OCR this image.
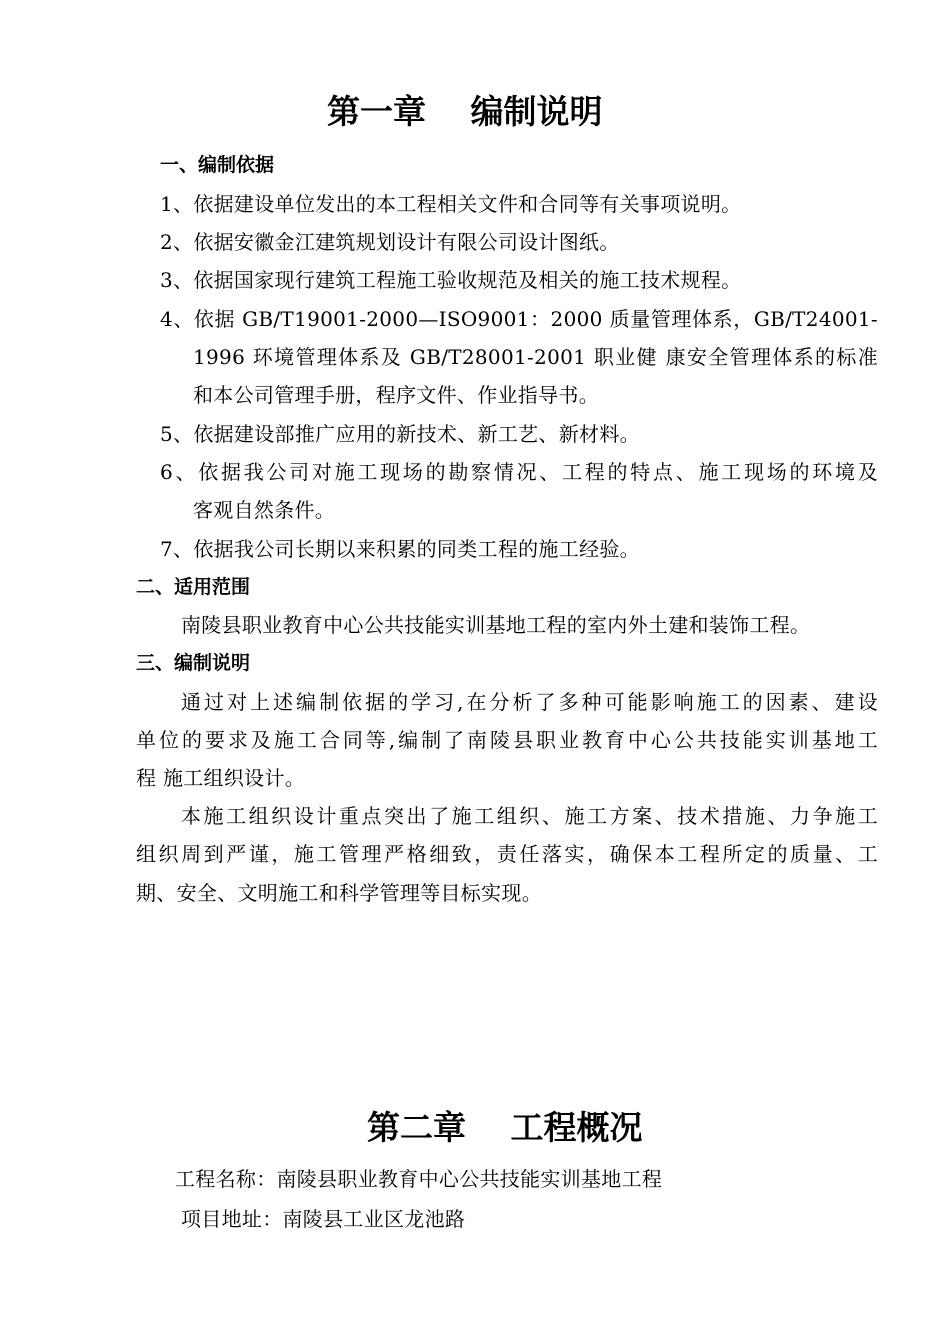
第一章　 编制说明
一、编制依据
1、依据建设单位发出的本工程相关文件和合同等有关事项说明。
2、依据安徽金江建筑规划设计有限公司设计图纸。
3、依据国家现行建筑工程施工验收规范及相关的施工技术规程。
4、依据 GB/T19001-2000—ISO9001：2000 质量管理体系，GB/T24001-
1996 环境管理体系及 GB/T28001-2001 职业健 康安全管理体系的标准
和本公司管理手册，程序文件、作业指导书。
5、依据建设部推广应用的新技术、新工艺、新材料。
6、依据我公司对施工现场的勘察情况、工程的特点、施工现场的环境及
客观自然条件。
7、依据我公司长期以来积累的同类工程的施工经验。
二、适用范围
南陵县职业教育中心公共技能实训基地工程的室内外土建和装饰工程。
三、编制说明
通过对上述编制依据的学习,在分析了多种可能影响施工的因素、建设
单位的要求及施工合同等,编制了南陵县职业教育中心公共技能实训基地工
程 施工组织设计。
本施工组织设计重点突出了施工组织、施工方案、技术措施、力争施工
组织周到严谨，施工管理严格细致，责任落实，确保本工程所定的质量、工
期、安全、文明施工和科学管理等目标实现。
第二章　 工程概况
工程名称：南陵县职业教育中心公共技能实训基地工程
项目地址：南陵县工业区龙池路
